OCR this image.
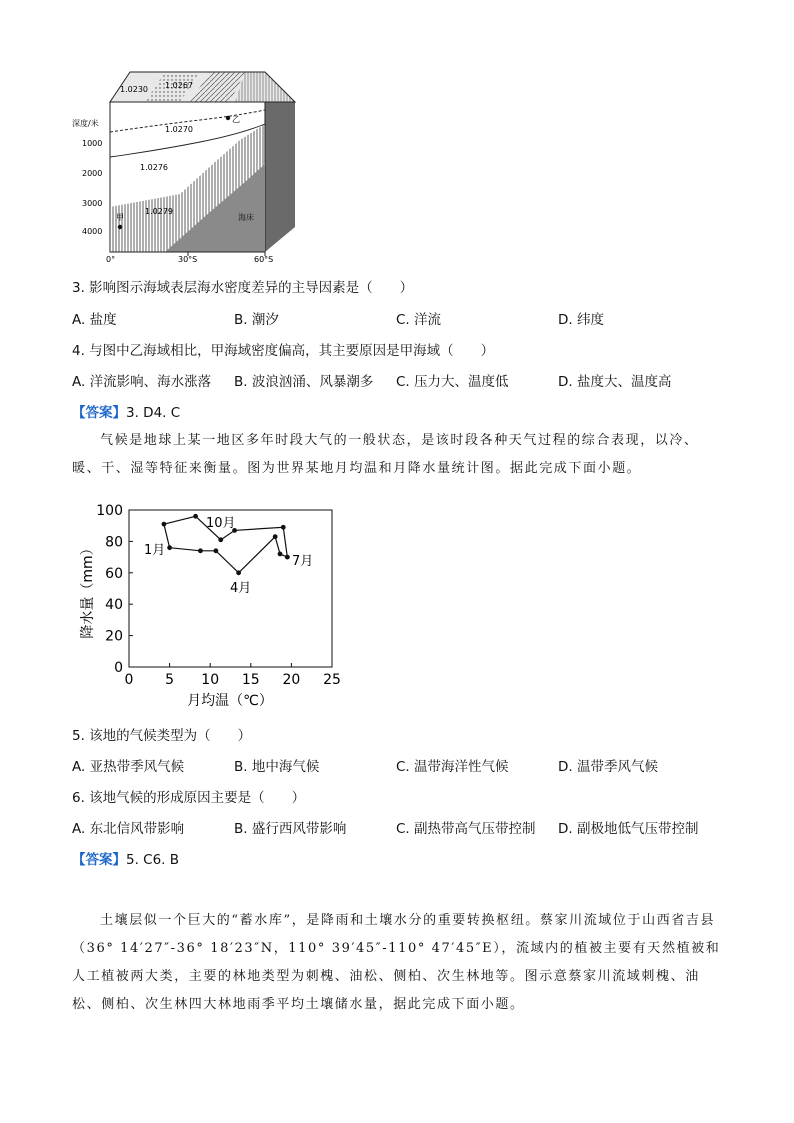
1.0230 1.0267
1.0270
1.0276
1.0279
甲
乙
海床
深度/米
1000
2000
3000
4000
0°	30°S	60°S
3. 影响图示海域表层海水密度差异的主导因素是（　　）
A. 盐度	B. 潮汐	C. 洋流	D. 纬度
4. 与图中乙海域相比，甲海域密度偏高，其主要原因是甲海域（　　）
A. 洋流影响、海水涨落 B. 波浪汹涌、风暴潮多 C. 压力大、温度低	D. 盐度大、温度高
【答案】3. D4. C
气候是地球上某一地区多年时段大气的一般状态，是该时段各种天气过程的综合表现，以冷、暖、干、湿等特征来衡量。图为世界某地月均温和月降水量统计图。据此完成下面小题。
0 5 10 15 20 25
0
20
40
60
80
100
1月
4月
7月
10月
月均温（℃）
降水量（mm）
5. 该地的气候类型为（　　）
A. 亚热带季风气候	B. 地中海气候	C. 温带海洋性气候	D. 温带季风气候
6. 该地气候的形成原因主要是（　　）
A. 东北信风带影响	B. 盛行西风带影响	C. 副热带高气压带控制 D. 副极地低气压带控制
【答案】5. C6. B
土壤层似一个巨大的“蓄水库”，是降雨和土壤水分的重要转换枢纽。蔡家川流域位于山西省吉县（36° 14′27″-36° 18′23″N，110° 39′45″-110° 47′45″E），流域内的植被主要有天然植被和人工植被两大类，主要的林地类型为刺槐、油松、侧柏、次生林地等。图示意蔡家川流域刺槐、油松、侧柏、次生林四大林地雨季平均土壤储水量，据此完成下面小题。
